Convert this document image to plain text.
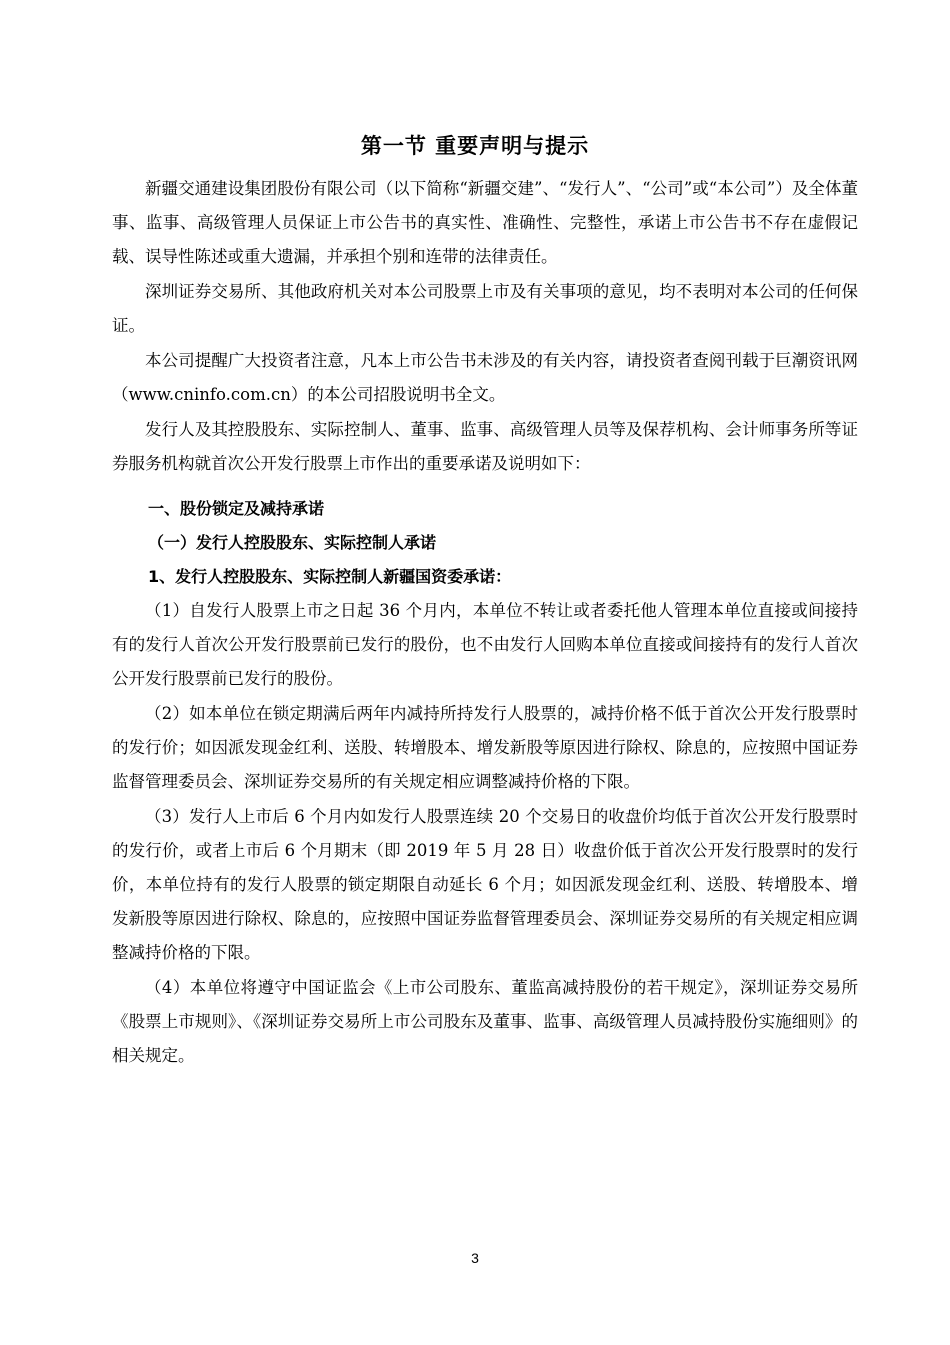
第一节 重要声明与提示

新疆交通建设集团股份有限公司（以下简称“新疆交建”、“发行人”、“公司”或“本公司”）及全体董事、监事、高级管理人员保证上市公告书的真实性、准确性、完整性，承诺上市公告书不存在虚假记载、误导性陈述或重大遗漏，并承担个别和连带的法律责任。

深圳证券交易所、其他政府机关对本公司股票上市及有关事项的意见，均不表明对本公司的任何保证。

本公司提醒广大投资者注意，凡本上市公告书未涉及的有关内容，请投资者查阅刊载于巨潮资讯网（www.cninfo.com.cn）的本公司招股说明书全文。

发行人及其控股股东、实际控制人、董事、监事、高级管理人员等及保荐机构、会计师事务所等证券服务机构就首次公开发行股票上市作出的重要承诺及说明如下：

一、股份锁定及减持承诺

（一）发行人控股股东、实际控制人承诺

1、发行人控股股东、实际控制人新疆国资委承诺：

（1）自发行人股票上市之日起 36 个月内，本单位不转让或者委托他人管理本单位直接或间接持有的发行人首次公开发行股票前已发行的股份，也不由发行人回购本单位直接或间接持有的发行人首次公开发行股票前已发行的股份。

（2）如本单位在锁定期满后两年内减持所持发行人股票的，减持价格不低于首次公开发行股票时的发行价；如因派发现金红利、送股、转增股本、增发新股等原因进行除权、除息的，应按照中国证券监督管理委员会、深圳证券交易所的有关规定相应调整减持价格的下限。

（3）发行人上市后 6 个月内如发行人股票连续 20 个交易日的收盘价均低于首次公开发行股票时的发行价，或者上市后 6 个月期末（即 2019 年 5 月 28 日）收盘价低于首次公开发行股票时的发行价，本单位持有的发行人股票的锁定期限自动延长 6 个月；如因派发现金红利、送股、转增股本、增发新股等原因进行除权、除息的，应按照中国证券监督管理委员会、深圳证券交易所的有关规定相应调整减持价格的下限。

（4）本单位将遵守中国证监会《上市公司股东、董监高减持股份的若干规定》，深圳证券交易所《股票上市规则》、《深圳证券交易所上市公司股东及董事、监事、高级管理人员减持股份实施细则》的相关规定。

3
